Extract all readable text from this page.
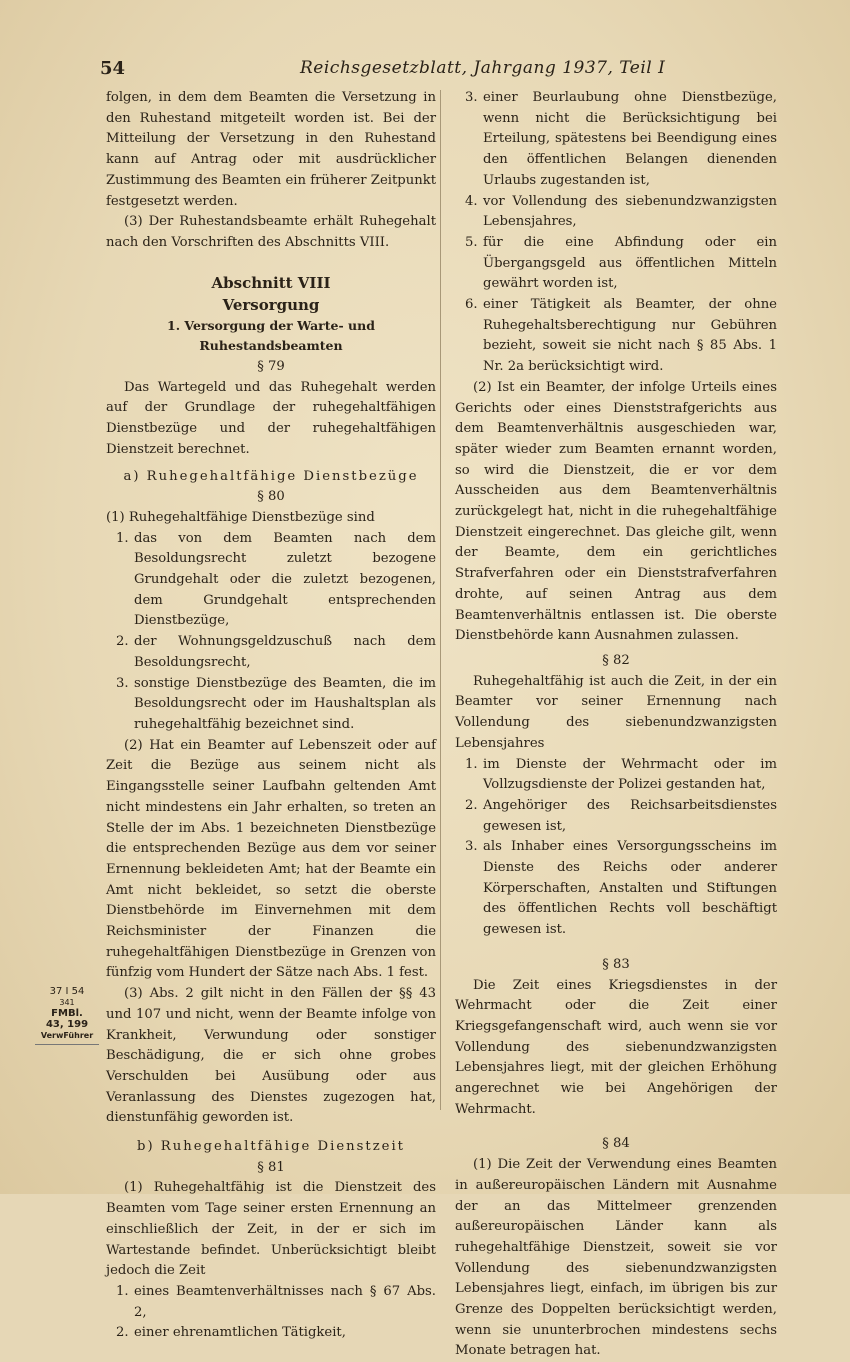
54	Reichsgesetzblatt, Jahrgang 1937, Teil I

folgen, in dem dem Beamten die Versetzung in den Ruhestand mitgeteilt worden ist. Bei der Mitteilung der Versetzung in den Ruhestand kann auf Antrag oder mit ausdrücklicher Zustimmung des Beamten ein früherer Zeitpunkt festgesetzt werden.

(3) Der Ruhestandsbeamte erhält Ruhegehalt nach den Vorschriften des Abschnitts VIII.

Abschnitt VIII
Versorgung
1. Versorgung der Warte- und Ruhestandsbeamten
§ 79

Das Wartegeld und das Ruhegehalt werden auf der Grundlage der ruhegehaltfähigen Dienstbezüge und der ruhegehaltfähigen Dienstzeit berechnet.

a) Ruhegehaltfähige Dienstbezüge
§ 80

(1) Ruhegehaltfähige Dienstbezüge sind

1. das von dem Beamten nach dem Besoldungsrecht zuletzt bezogene Grundgehalt oder die zuletzt bezogenen, dem Grundgehalt entsprechenden Dienstbezüge,
2. der Wohnungsgeldzuschuß nach dem Besoldungsrecht,
3. sonstige Dienstbezüge des Beamten, die im Besoldungsrecht oder im Haushaltsplan als ruhegehaltfähig bezeichnet sind.

(2) Hat ein Beamter auf Lebenszeit oder auf Zeit die Bezüge aus seinem nicht als Eingangsstelle seiner Laufbahn geltenden Amt nicht mindestens ein Jahr erhalten, so treten an Stelle der im Abs. 1 bezeichneten Dienstbezüge die entsprechenden Bezüge aus dem vor seiner Ernennung bekleideten Amt; hat der Beamte ein Amt nicht bekleidet, so setzt die oberste Dienstbehörde im Einvernehmen mit dem Reichsminister der Finanzen die ruhegehaltfähigen Dienstbezüge in Grenzen von fünfzig vom Hundert der Sätze nach Abs. 1 fest.

(3) Abs. 2 gilt nicht in den Fällen der §§ 43 und 107 und nicht, wenn der Beamte infolge von Krankheit, Verwundung oder sonstiger Beschädigung, die er sich ohne grobes Verschulden bei Ausübung oder aus Veranlassung des Dienstes zugezogen hat, dienstunfähig geworden ist.

b) Ruhegehaltfähige Dienstzeit
§ 81

(1) Ruhegehaltfähig ist die Dienstzeit des Beamten vom Tage seiner ersten Ernennung an einschließlich der Zeit, in der er sich im Wartestande befindet. Unberücksichtigt bleibt jedoch die Zeit

1. eines Beamtenverhältnisses nach § 67 Abs. 2,
2. einer ehrenamtlichen Tätigkeit,
3. einer Beurlaubung ohne Dienstbezüge, wenn nicht die Berücksichtigung bei Erteilung, spätestens bei Beendigung eines den öffentlichen Belangen dienenden Urlaubs zugestanden ist,
4. vor Vollendung des siebenundzwanzigsten Lebensjahres,
5. für die eine Abfindung oder ein Übergangsgeld aus öffentlichen Mitteln gewährt worden ist,
6. einer Tätigkeit als Beamter, der ohne Ruhegehaltsberechtigung nur Gebühren bezieht, soweit sie nicht nach § 85 Abs. 1 Nr. 2a berücksichtigt wird.

(2) Ist ein Beamter, der infolge Urteils eines Gerichts oder eines Dienststrafgerichts aus dem Beamtenverhältnis ausgeschieden war, später wieder zum Beamten ernannt worden, so wird die Dienstzeit, die er vor dem Ausscheiden aus dem Beamtenverhältnis zurückgelegt hat, nicht in die ruhegehaltfähige Dienstzeit eingerechnet. Das gleiche gilt, wenn der Beamte, dem ein gerichtliches Strafverfahren oder ein Dienststrafverfahren drohte, auf seinen Antrag aus dem Beamtenverhältnis entlassen ist. Die oberste Dienstbehörde kann Ausnahmen zulassen.

§ 82

Ruhegehaltfähig ist auch die Zeit, in der ein Beamter vor seiner Ernennung nach Vollendung des siebenundzwanzigsten Lebensjahres

1. im Dienste der Wehrmacht oder im Vollzugsdienste der Polizei gestanden hat,
2. Angehöriger des Reichsarbeitsdienstes gewesen ist,
3. als Inhaber eines Versorgungsscheins im Dienste des Reichs oder anderer Körperschaften, Anstalten und Stiftungen des öffentlichen Rechts voll beschäftigt gewesen ist.
§ 83

Die Zeit eines Kriegsdienstes in der Wehrmacht oder die Zeit einer Kriegsgefangenschaft wird, auch wenn sie vor Vollendung des siebenundzwanzigsten Lebensjahres liegt, mit der gleichen Erhöhung angerechnet wie bei Angehörigen der Wehrmacht.

§ 84

(1) Die Zeit der Verwendung eines Beamten in außereuropäischen Ländern mit Ausnahme der an das Mittelmeer grenzenden außereuropäischen Länder kann als ruhegehaltfähige Dienstzeit, soweit sie vor Vollendung des siebenundzwanzigsten Lebensjahres liegt, einfach, im übrigen bis zur Grenze des Doppelten berücksichtigt werden, wenn sie ununterbrochen mindestens sechs Monate betragen hat.

37 I 54
341
FMBl.
43, 199
VerwFührer
